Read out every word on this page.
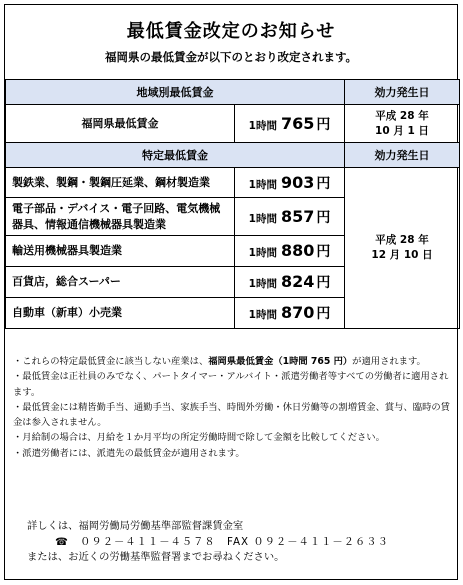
最低賃金改定のお知らせ
福岡県の最低賃金が以下のとおり改定されます。
地域別最低賃金		効力発生日
福岡県最低賃金	1時間 765 円	平成 28 年
10 月 1 日

特定最低賃金		効力発生日
製鉄業、製鋼・製鋼圧延業、鋼材製造業	1時間 903 円	平成 28 年
12 月 10 日

電子部品・デバイス・電子回路、電気機械器具、情報通信機械器具製造業	1時間 857 円	
輸送用機械器具製造業	1時間 880 円	
百貨店，総合スーパー	1時間 824 円	
自動車（新車）小売業	1時間 870 円	

・これらの特定最低賃金に該当しない産業は、福岡県最低賃金（1時間 765 円）が適用されます。

・最低賃金は正社員のみでなく、パートタイマー・アルバイト・派遣労働者等すべての労働者に適用されます。

・最低賃金には精皆勤手当、通勤手当、家族手当、時間外労働・休日労働等の割増賃金、賞与、臨時の賃金は参入されません。

・月給制の場合は、月給を１か月平均の所定労働時間で除して金額を比較してください。

・派遣労働者には、派遣先の最低賃金が適用されます。

詳しくは、福岡労働局労働基準部監督課賃金室

☎　０９２－４１１－４５７８　FAX ０９２－４１１－２６３３

または、お近くの労働基準監督署までお尋ねください。
